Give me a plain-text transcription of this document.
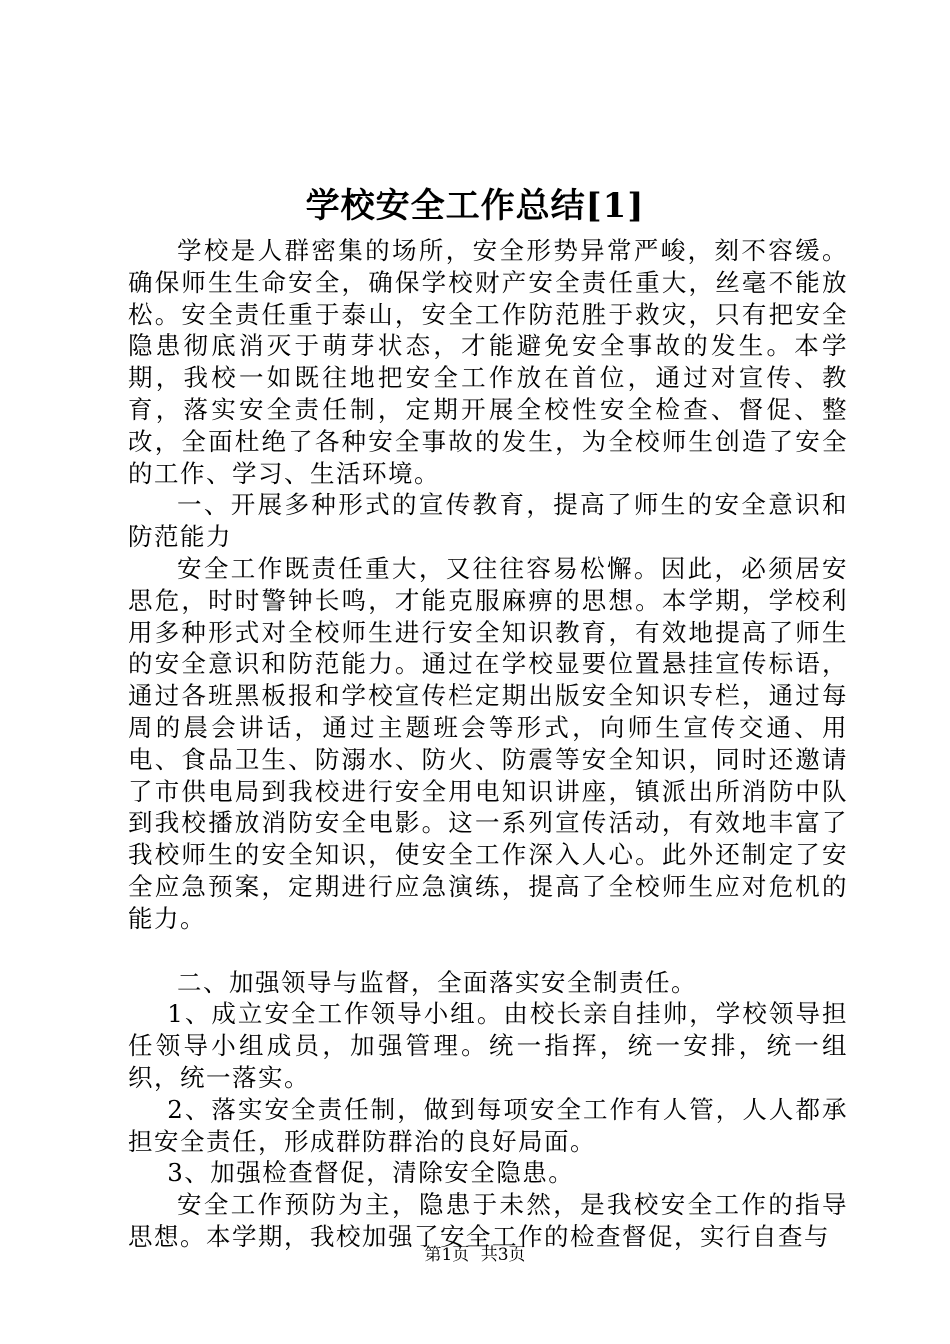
学校安全工作总结[1]

学校是人群密集的场所，安全形势异常严峻，刻不容缓。确保师生生命安全，确保学校财产安全责任重大，丝毫不能放松。安全责任重于泰山，安全工作防范胜于救灾，只有把安全隐患彻底消灭于萌芽状态，才能避免安全事故的发生。本学期，我校一如既往地把安全工作放在首位，通过对宣传、教育，落实安全责任制，定期开展全校性安全检查、督促、整改，全面杜绝了各种安全事故的发生，为全校师生创造了安全的工作、学习、生活环境。

一、开展多种形式的宣传教育，提高了师生的安全意识和防范能力

安全工作既责任重大，又往往容易松懈。因此，必须居安思危，时时警钟长鸣，才能克服麻痹的思想。本学期，学校利用多种形式对全校师生进行安全知识教育，有效地提高了师生的安全意识和防范能力。通过在学校显要位置悬挂宣传标语，通过各班黑板报和学校宣传栏定期出版安全知识专栏，通过每周的晨会讲话，通过主题班会等形式，向师生宣传交通、用电、食品卫生、防溺水、防火、防震等安全知识，同时还邀请了市供电局到我校进行安全用电知识讲座，镇派出所消防中队到我校播放消防安全电影。这一系列宣传活动，有效地丰富了我校师生的安全知识，使安全工作深入人心。此外还制定了安全应急预案，定期进行应急演练，提高了全校师生应对危机的能力。

二、加强领导与监督，全面落实安全制责任。

1、成立安全工作领导小组。由校长亲自挂帅，学校领导担任领导小组成员，加强管理。统一指挥，统一安排，统一组织，统一落实。

2、落实安全责任制，做到每项安全工作有人管，人人都承担安全责任，形成群防群治的良好局面。

3、加强检查督促，清除安全隐患。

安全工作预防为主，隐患于未然，是我校安全工作的指导思想。本学期，我校加强了安全工作的检查督促，实行自查与

第1页 共3页
